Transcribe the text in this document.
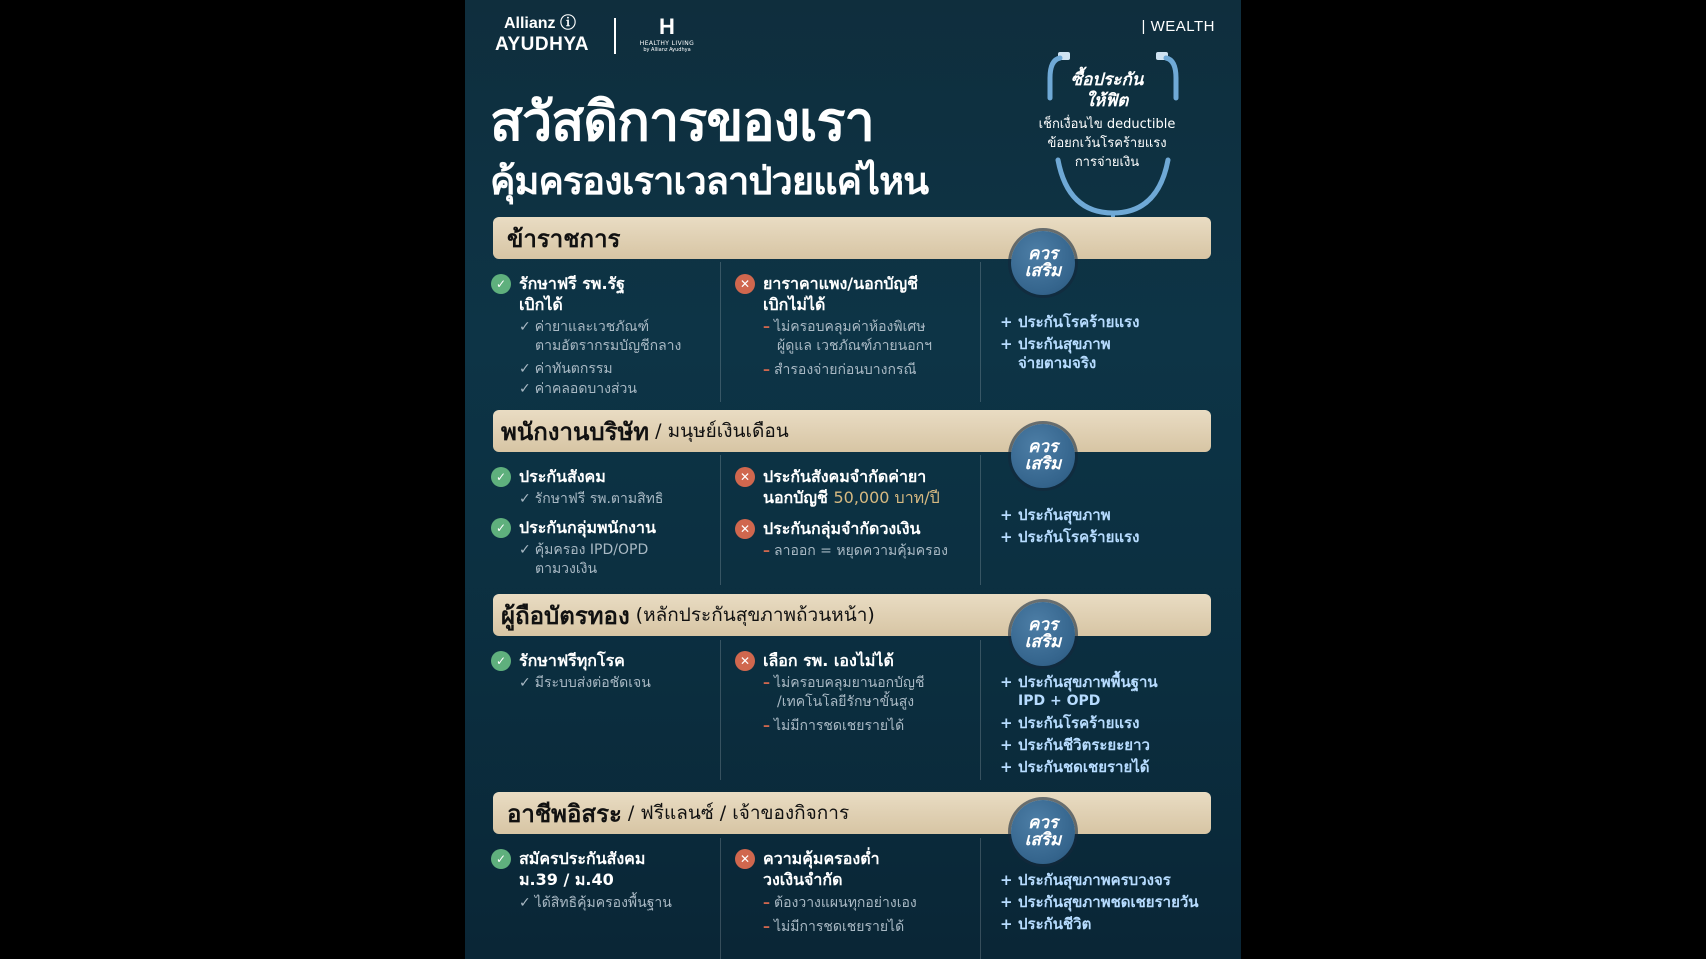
Allianz ⓘ
AYUDHYA
H
HEALTHY LIVING
by Allianz Ayudhya
| WEALTH
สวัสดิการของเรา
คุ้มครองเราเวลาป่วยแค่ไหน
ซื้อประกัน
ให้ฟิต
เช็กเงื่อนไข deductible
ข้อยกเว้นโรคร้ายแรง
การจ่ายเงิน
ข้าราชการ
ควร
เสริม
✓ รักษาฟรี รพ.รัฐ
เบิกได้
✓ ค่ายาและเวชภัณฑ์
ตามอัตรากรมบัญชีกลาง
✓ ค่าทันตกรรม
✓ ค่าคลอดบางส่วน
✕ ยาราคาแพง/นอกบัญชี
เบิกไม่ได้
– ไม่ครอบคลุมค่าห้องพิเศษ
ผู้ดูแล เวชภัณฑ์ภายนอกฯ
– สำรองจ่ายก่อนบางกรณี
+ ประกันโรคร้ายแรง
+ ประกันสุขภาพ
จ่ายตามจริง
พนักงานบริษัท / มนุษย์เงินเดือน
ควร
เสริม
✓ ประกันสังคม
✓ รักษาฟรี รพ.ตามสิทธิ
✓ ประกันกลุ่มพนักงาน
✓ คุ้มครอง IPD/OPD
ตามวงเงิน
✕ ประกันสังคมจำกัดค่ายา
นอกบัญชี 50,000 บาท/ปี
✕ ประกันกลุ่มจำกัดวงเงิน
– ลาออก = หยุดความคุ้มครอง
+ ประกันสุขภาพ
+ ประกันโรคร้ายแรง
ผู้ถือบัตรทอง (หลักประกันสุขภาพถ้วนหน้า)	ควร
เสริม
✓ รักษาฟรีทุกโรค
✓ มีระบบส่งต่อชัดเจน
✕ เลือก รพ. เองไม่ได้
– ไม่ครอบคลุมยานอกบัญชี
/เทคโนโลยีรักษาขั้นสูง
– ไม่มีการชดเชยรายได้
+ ประกันสุขภาพพื้นฐาน
IPD + OPD
+ ประกันโรคร้ายแรง
+ ประกันชีวิตระยะยาว
+ ประกันชดเชยรายได้
อาชีพอิสระ / ฟรีแลนซ์ / เจ้าของกิจการ	ควร
เสริม
✓ สมัครประกันสังคม
ม.39 / ม.40
✓ ได้สิทธิคุ้มครองพื้นฐาน
✕ ความคุ้มครองต่ำ
วงเงินจำกัด
– ต้องวางแผนทุกอย่างเอง
– ไม่มีการชดเชยรายได้
+ ประกันสุขภาพครบวงจร
+ ประกันสุขภาพชดเชยรายวัน
+ ประกันชีวิต
